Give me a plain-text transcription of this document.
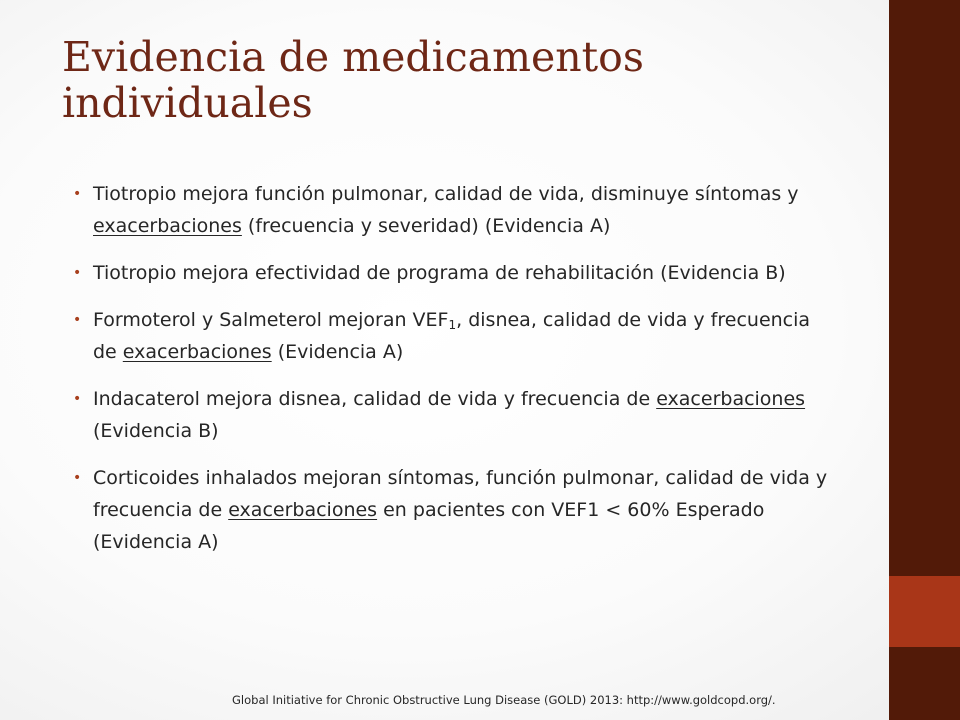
Evidencia de medicamentos individuales
• Tiotropio mejora función pulmonar, calidad de vida, disminuye síntomas y exacerbaciones (frecuencia y severidad) (Evidencia A)
• Tiotropio mejora efectividad de programa de rehabilitación (Evidencia B)
• Formoterol y Salmeterol mejoran $VEF_1$, disnea, calidad de vida y frecuencia de exacerbaciones (Evidencia A)
• Indacaterol mejora disnea, calidad de vida y frecuencia de exacerbaciones (Evidencia B)
• Corticoides inhalados mejoran síntomas, función pulmonar, calidad de vida y frecuencia de exacerbaciones en pacientes con VEF1 < 60% Esperado (Evidencia A)

Global Initiative for Chronic Obstructive Lung Disease (GOLD) 2013: http://www.goldcopd.org/.
